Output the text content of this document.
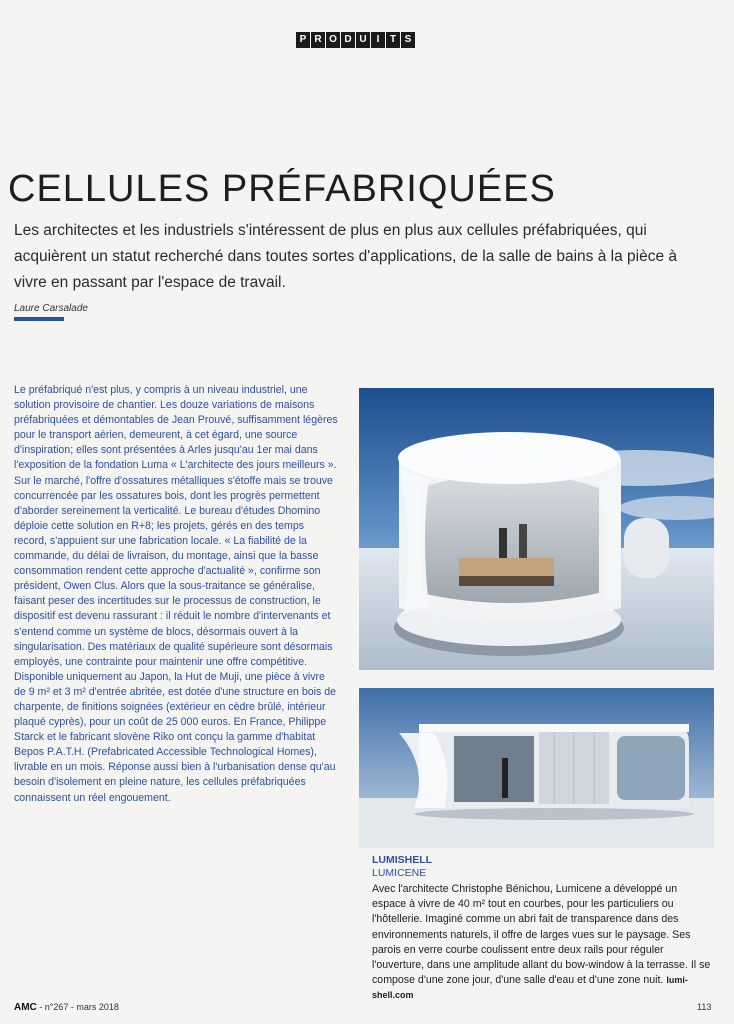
P R O D U	I	T S
CELLULES PRÉFABRIQUÉES

Les architectes et les industriels s'intéressent de plus en plus aux cellules préfabriquées, qui acquièrent un statut recherché dans toutes sortes d'applications, de la salle de bains à la pièce à vivre en passant par l'espace de travail.

Laure Carsalade

Le préfabriqué n'est plus, y compris à un niveau industriel, une solution provisoire de chantier. Les douze variations de maisons préfabriquées et démontables de Jean Prouvé, suffisamment légères pour le transport aérien, demeurent, à cet égard, une source d'inspiration; elles sont présentées à Arles jusqu'au 1er mai dans l'exposition de la fondation Luma « L'architecte des jours meilleurs ». Sur le marché, l'offre d'ossatures métalliques s'étoffe mais se trouve concurrencée par les ossatures bois, dont les progrès permettent d'aborder sereinement la verticalité. Le bureau d'études Dhomino déploie cette solution en R+8; les projets, gérés en des temps record, s'appuient sur une fabrication locale. « La fiabilité de la commande, du délai de livraison, du montage, ainsi que la basse consommation rendent cette approche d'actualité », confirme son président, Owen Clus. Alors que la sous-traitance se généralise, faisant peser des incertitudes sur le processus de construction, le dispositif est devenu rassurant : il réduit le nombre d'intervenants et s'entend comme un système de blocs, désormais ouvert à la singularisation. Des matériaux de qualité supérieure sont désormais employés, une contrainte pour maintenir une offre compétitive. Disponible uniquement au Japon, la Hut de Muji, une pièce à vivre de 9 m² et 3 m² d'entrée abritée, est dotée d'une structure en bois de charpente, de finitions soignées (extérieur en cèdre brûlé, intérieur plaqué cyprès), pour un coût de 25 000 euros. En France, Philippe Starck et le fabricant slovène Riko ont conçu la gamme d'habitat Bepos P.A.T.H. (Prefabricated Accessible Technological Homes), livrable en un mois. Réponse aussi bien à l'urbanisation dense qu'au besoin d'isolement en pleine nature, les cellules préfabriquées connaissent un réel engouement.

LUMISHELL
LUMICENE

Avec l'architecte Christophe Bénichou, Lumicene a développé un espace à vivre de 40 m² tout en courbes, pour les particuliers ou l'hôtellerie. Imaginé comme un abri fait de transparence dans des environnements naturels, il offre de larges vues sur le paysage. Ses parois en verre courbe coulissent entre deux rails pour réguler l'ouverture, dans une amplitude allant du bow-window à la terrasse. Il se compose d'une zone jour, d'une salle d'eau et d'une zone nuit. lumi-shell.com

AMC - n°267 - mars 2018	113
